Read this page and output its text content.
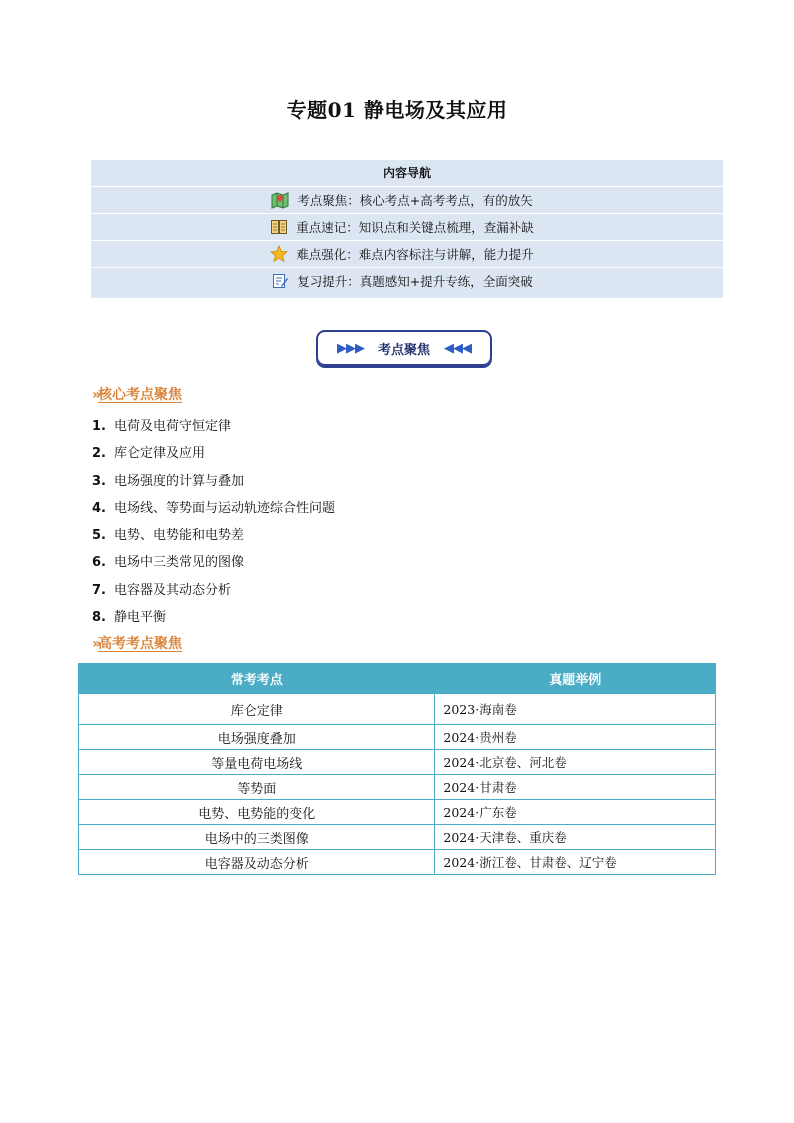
专题01 静电场及其应用
内容导航
考点聚焦：核心考点+高考考点，有的放矢
重点速记：知识点和关键点梳理，查漏补缺
难点强化：难点内容标注与讲解，能力提升
复习提升：真题感知+提升专练，全面突破
▶▶▶ 考点聚焦 ◀◀◀
»核心考点聚焦
1. 电荷及电荷守恒定律
2. 库仑定律及应用
3. 电场强度的计算与叠加
4. 电场线、等势面与运动轨迹综合性问题
5. 电势、电势能和电势差
6. 电场中三类常见的图像
7. 电容器及其动态分析
8. 静电平衡
»高考考点聚焦
常考考点	真题举例
库仑定律	2023·海南卷
电场强度叠加	2024·贵州卷
等量电荷电场线	2024·北京卷、河北卷
等势面	2024·甘肃卷
电势、电势能的变化	2024·广东卷
电场中的三类图像	2024·天津卷、重庆卷
电容器及动态分析	2024·浙江卷、甘肃卷、辽宁卷
